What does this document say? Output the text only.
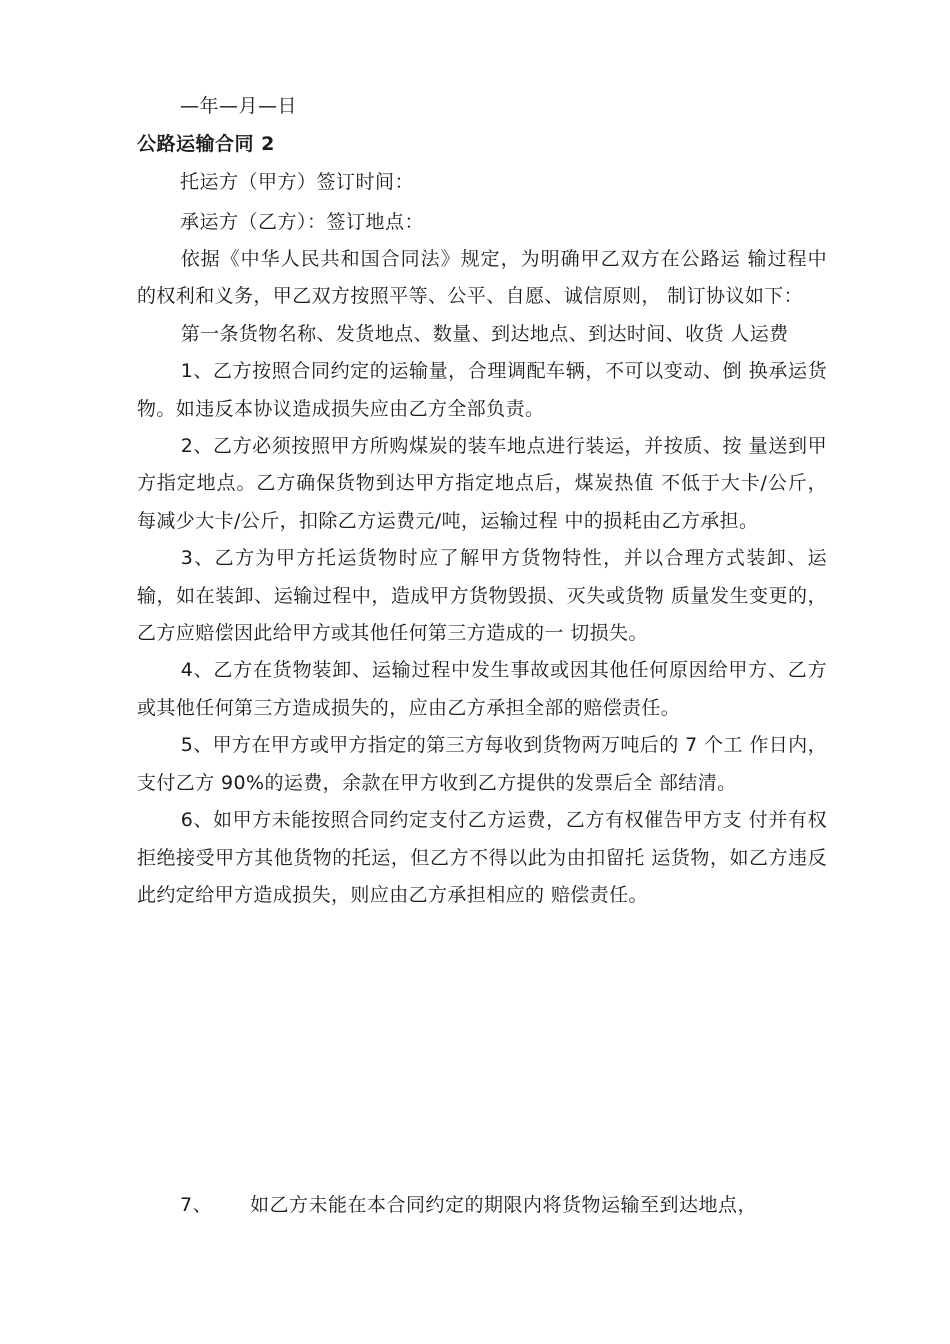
—年—月—日
公路运输合同 2
托运方（甲方）签订时间：
承运方（乙方）：签订地点：

依据《中华人民共和国合同法》规定，为明确甲乙双方在公路运 输过程中的权利和义务，甲乙双方按照平等、公平、自愿、诚信原则， 制订协议如下：

第一条货物名称、发货地点、数量、到达地点、到达时间、收货 人运费

1、乙方按照合同约定的运输量，合理调配车辆，不可以变动、倒 换承运货物。如违反本协议造成损失应由乙方全部负责。

2、乙方必须按照甲方所购煤炭的装车地点进行装运，并按质、按 量送到甲方指定地点。乙方确保货物到达甲方指定地点后，煤炭热值 不低于大卡/公斤，每减少大卡/公斤，扣除乙方运费元/吨，运输过程 中的损耗由乙方承担。

3、乙方为甲方托运货物时应了解甲方货物特性，并以合理方式装卸、运输，如在装卸、运输过程中，造成甲方货物毁损、灭失或货物 质量发生变更的，乙方应赔偿因此给甲方或其他任何第三方造成的一 切损失。

4、乙方在货物装卸、运输过程中发生事故或因其他任何原因给甲方、乙方或其他任何第三方造成损失的，应由乙方承担全部的赔偿责任。

5、甲方在甲方或甲方指定的第三方每收到货物两万吨后的 7 个工 作日内，支付乙方 90%的运费，余款在甲方收到乙方提供的发票后全 部结清。

6、如甲方未能按照合同约定支付乙方运费，乙方有权催告甲方支 付并有权拒绝接受甲方其他货物的托运，但乙方不得以此为由扣留托 运货物，如乙方违反此约定给甲方造成损失，则应由乙方承担相应的 赔偿责任。

7、 如乙方未能在本合同约定的期限内将货物运输至到达地点，
